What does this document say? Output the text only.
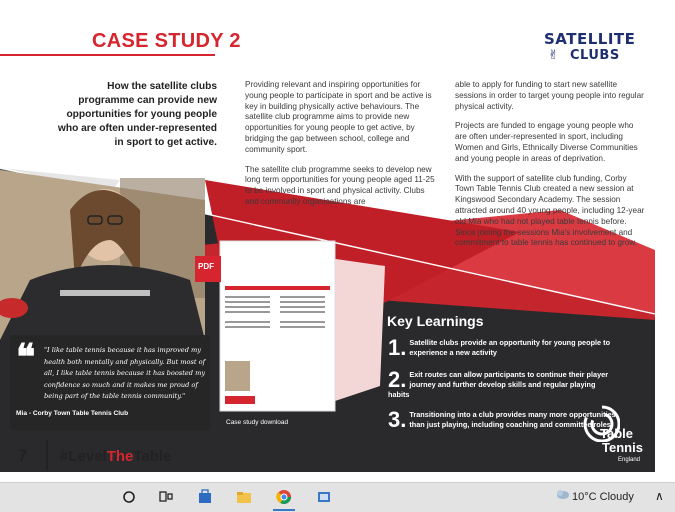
CASE STUDY 2	SATELLITE
✌ CLUBS
How the satellite clubs programme can provide new opportunities for young people who are often under-represented in sport to get active.

Providing relevant and inspiring opportunities for young people to participate in sport and be active is key in building physically active behaviours. The satellite club programme aims to provide new opportunities for young people to get active, by bridging the gap between school, college and community sport.

The satellite club programme seeks to develop new long term opportunities for young people aged 11-25 to be involved in sport and physical activity. Clubs and community organisations are

able to apply for funding to start new satellite sessions in order to target young people into regular physical activity.

Projects are funded to engage young people who are often under-represented in sport, including Women and Girls, Ethnically Diverse Communities and young people in areas of deprivation.

With the support of satellite club funding, Corby Town Table Tennis Club created a new session at Kingswood Secondary Academy. The session attracted around 40 young people, including 12-year old Mia who had not played table tennis before. Since joining the sessions Mia's involvement and commitment to table tennis has continued to grow.

PDF
Case study download
❝ "I like table tennis because it has improved my health both mentally and physically. But most of all, I like table tennis because it has boosted my confidence so much and it makes me proud of being part of the table tennis community."
Mia - Corby Town Table Tennis Club
Key Learnings
1. Satellite clubs provide an opportunity for young people to experience a new activity
2. Exit routes can allow participants to continue their player journey and further develop skills and regular playing habits
3. Transitioning into a club provides many more opportunities than just playing, including coaching and committee roles
Table
Tennis
England
7 #LevelTheTable
10°C Cloudy ∧
